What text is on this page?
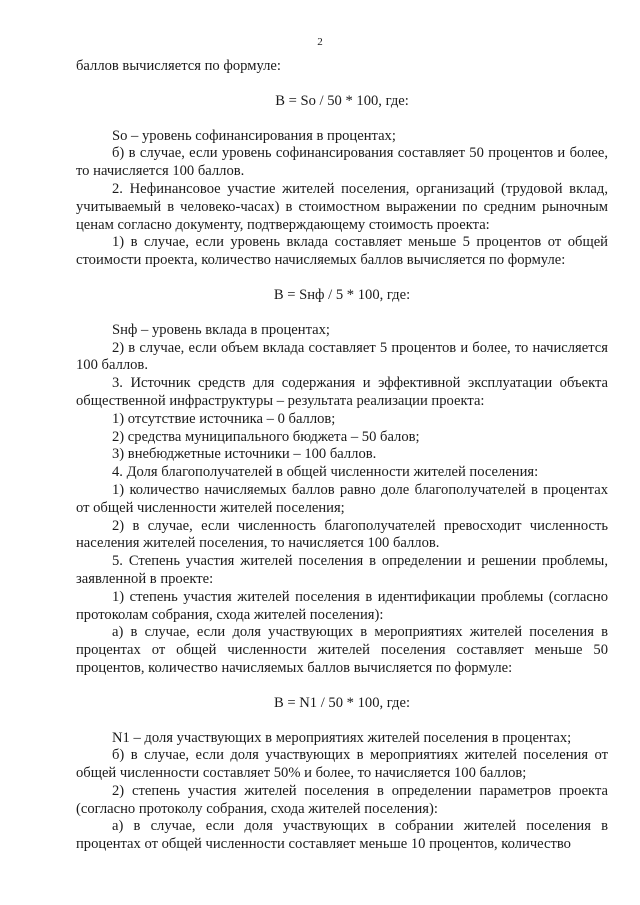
2

баллов вычисляется по формуле:

В = Sо / 50 * 100, где:

Sо – уровень софинансирования в процентах;

б) в случае, если уровень софинансирования составляет 50 процентов и более, то начисляется 100 баллов.

2. Нефинансовое участие жителей поселения, организаций (трудовой вклад, учитываемый в человеко-часах) в стоимостном выражении по средним рыночным ценам согласно документу, подтверждающему стоимость проекта:

1) в случае, если уровень вклада составляет меньше 5 процентов от общей стоимости проекта, количество начисляемых баллов вычисляется по формуле:

В = Sнф / 5 * 100, где:

Sнф – уровень вклада в процентах;

2) в случае, если объем вклада составляет 5 процентов и более, то начисляется 100 баллов.

3. Источник средств для содержания и эффективной эксплуатации объекта общественной инфраструктуры – результата реализации проекта:

1) отсутствие источника – 0 баллов;

2) средства муниципального бюджета – 50 балов;

3) внебюджетные источники – 100 баллов.

4. Доля благополучателей в общей численности жителей поселения:

1) количество начисляемых баллов равно доле благополучателей в процентах от общей численности жителей поселения;

2) в случае, если численность благополучателей превосходит численность населения жителей поселения, то начисляется 100 баллов.

5. Степень участия жителей поселения в определении и решении проблемы, заявленной в проекте:

1) степень участия жителей поселения в идентификации проблемы (согласно протоколам собрания, схода жителей поселения):

а) в случае, если доля участвующих в мероприятиях жителей поселения в процентах от общей численности жителей поселения составляет меньше 50 процентов, количество начисляемых баллов вычисляется по формуле:

В = N1 / 50 * 100, где:

N1 – доля участвующих в мероприятиях жителей поселения в процентах;

б) в случае, если доля участвующих в мероприятиях жителей поселения от общей численности составляет 50% и более, то начисляется 100 баллов;

2) степень участия жителей поселения в определении параметров проекта (согласно протоколу собрания, схода жителей поселения):

а) в случае, если доля участвующих в собрании жителей поселения в процентах от общей численности составляет меньше 10 процентов, количество
